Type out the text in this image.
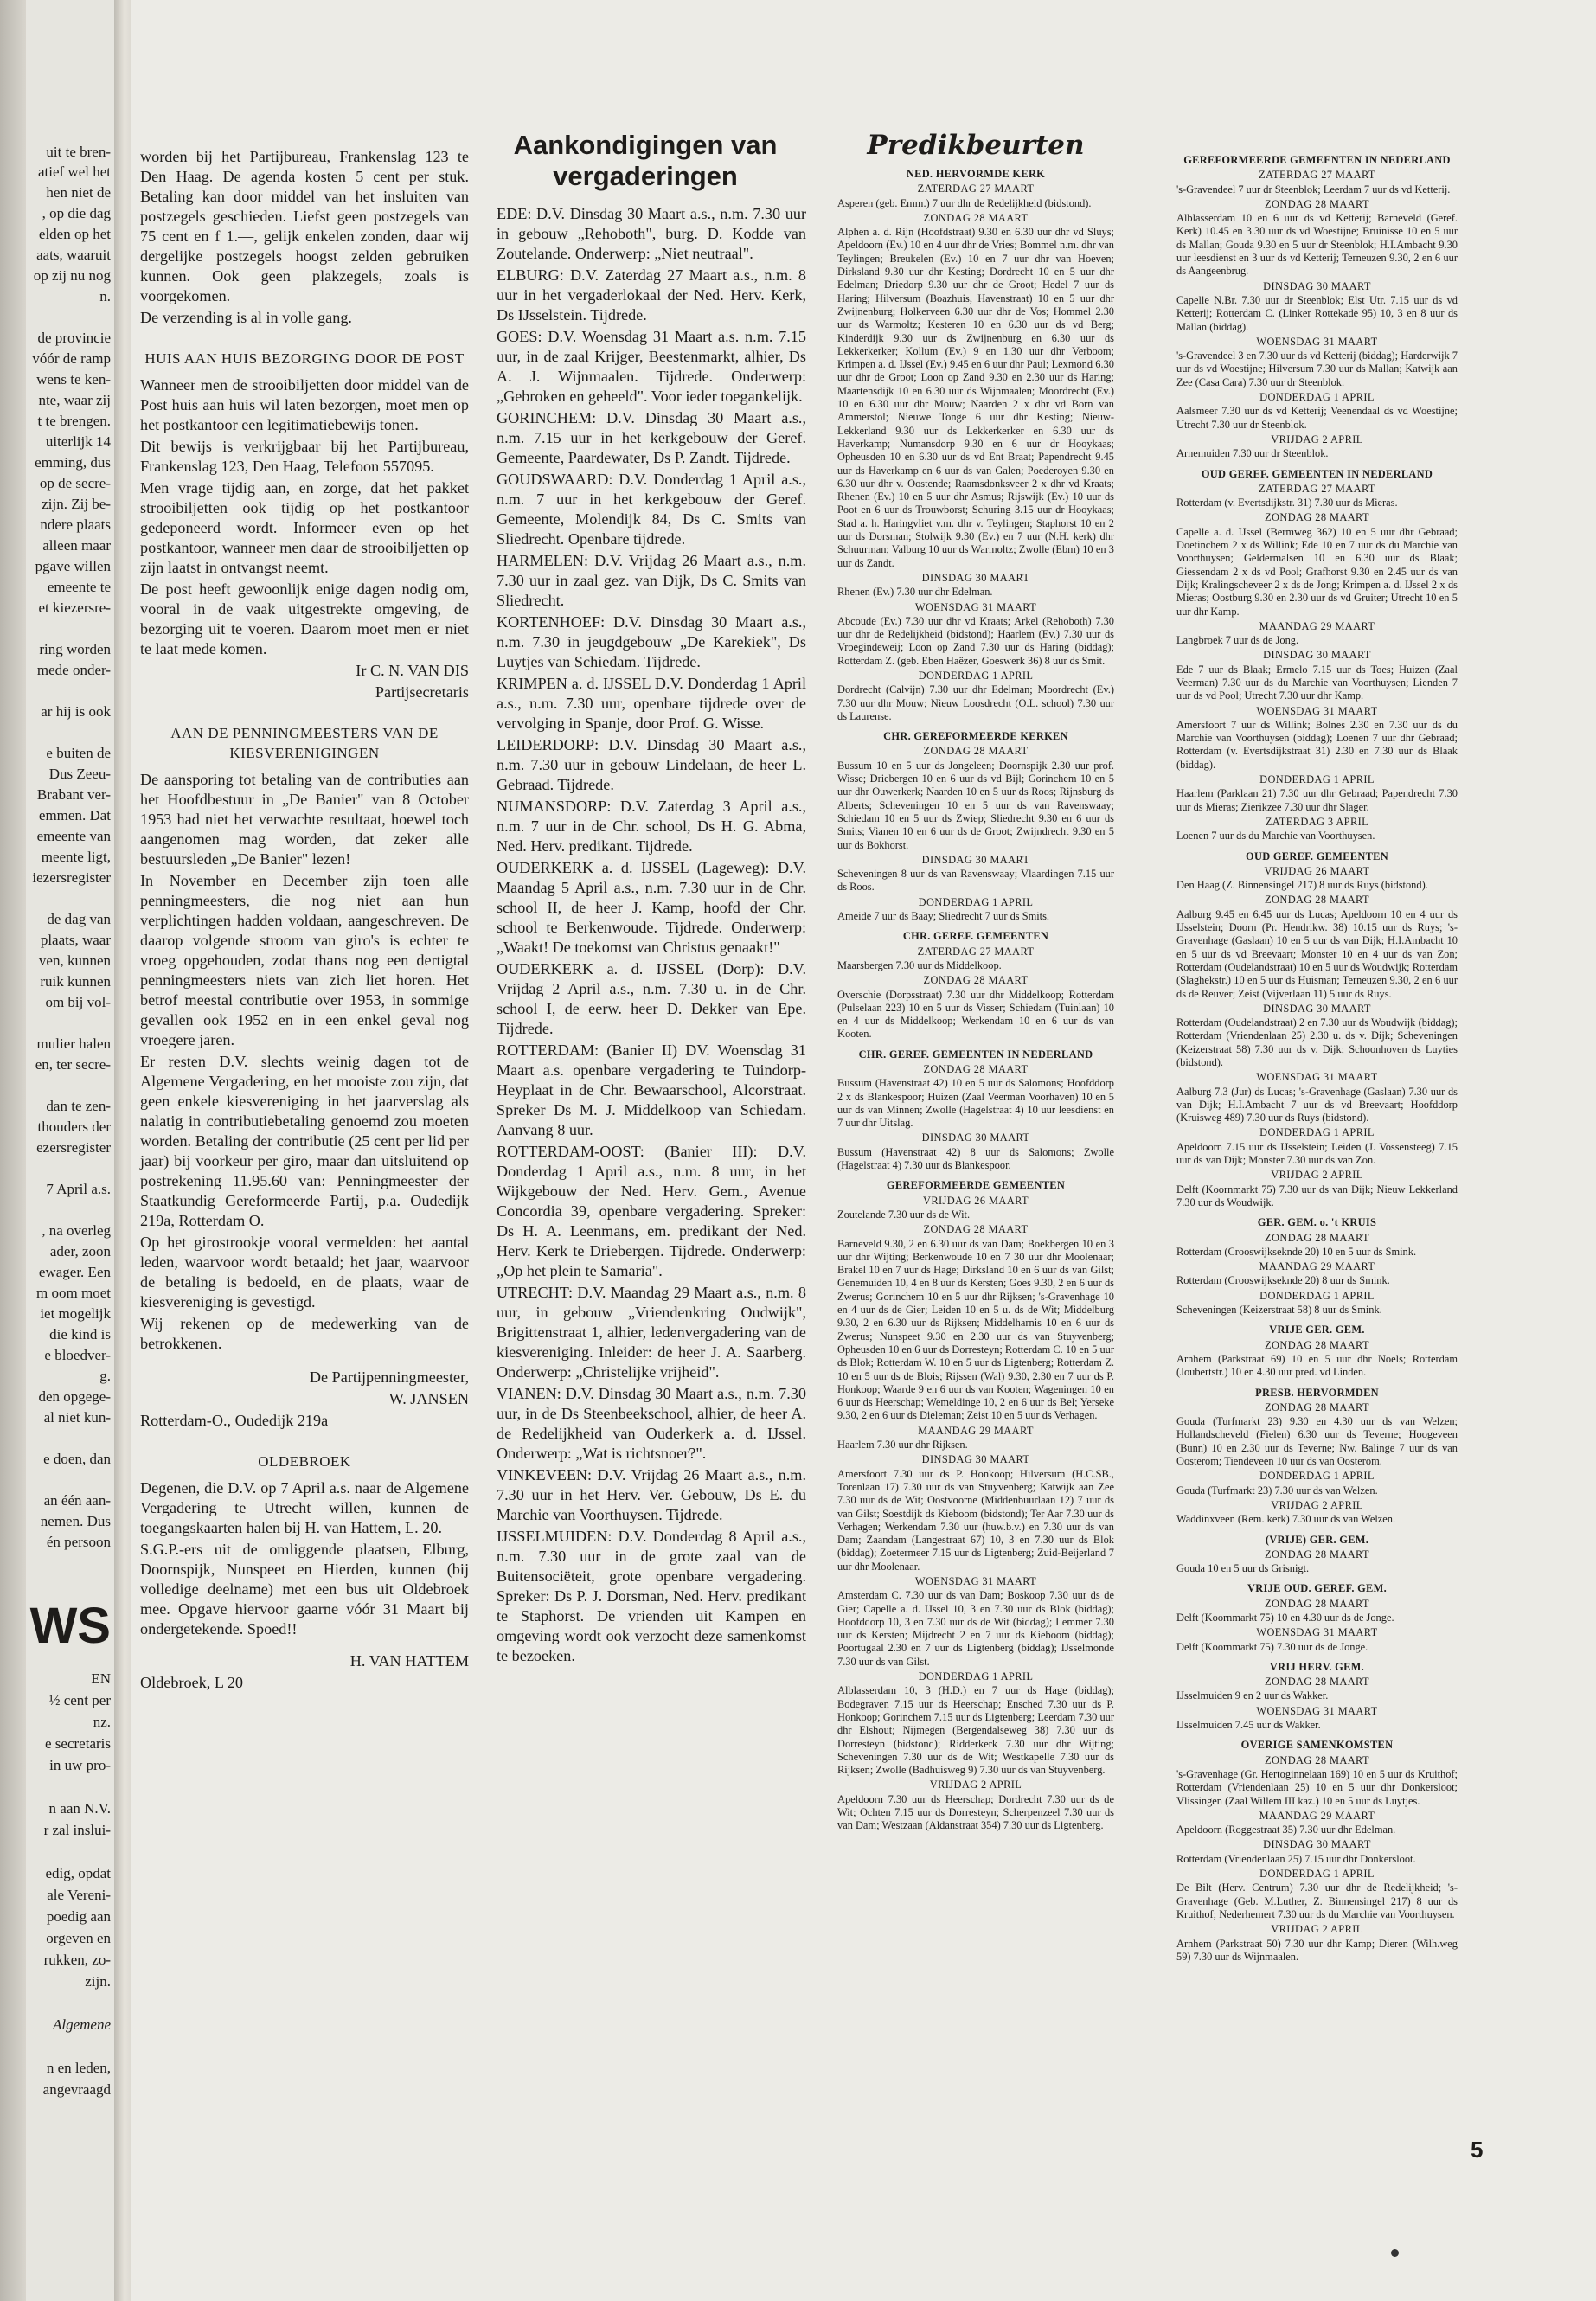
uit te bren-
atief wel het
hen niet de
, op die dag
elden op het
aats, waaruit
op zij nu nog
n.
de provincie
vóór de ramp
wens te ken-
nte, waar zij
t te brengen.
uiterlijk 14
emming, dus
op de secre-
zijn. Zij be-
ndere plaats
alleen maar
pgave willen
emeente te
et kiezersre-
ring worden
mede onder-
ar hij is ook
e buiten de
Dus Zeeu-
Brabant ver-
emmen. Dat
emeente van
meente ligt,
iezersregister
de dag van
plaats, waar
ven, kunnen
ruik kunnen
om bij vol-
mulier halen
en, ter secre-
dan te zen-
thouders der
ezersregister
7 April a.s.
, na overleg
ader, zoon
ewager. Een
m oom moet
iet mogelijk
die kind is
e bloedver-
g.
den opgege-
al niet kun-
e doen, dan
an één aan-
nemen. Dus
én persoon
WS
EN
½ cent per
nz.
e secretaris
in uw pro-
n aan N.V.
r zal inslui-
edig, opdat
ale Vereni-
poedig aan
orgeven en
rukken, zo-
zijn.
Algemene
n en leden,
angevraagd

worden bij het Partijbureau, Frankenslag 123 te Den Haag. De agenda kosten 5 cent per stuk. Betaling kan door middel van het insluiten van postzegels geschieden. Liefst geen postzegels van 75 cent en f 1.—, gelijk enkelen zonden, daar wij dergelijke postzegels hoogst zelden gebruiken kunnen. Ook geen plakzegels, zoals is voorgekomen.

De verzending is al in volle gang.

HUIS AAN HUIS BEZORGING DOOR DE POST

Wanneer men de strooibiljetten door middel van de Post huis aan huis wil laten bezorgen, moet men op het postkantoor een legitimatiebewijs tonen.

Dit bewijs is verkrijgbaar bij het Partijbureau, Frankenslag 123, Den Haag, Telefoon 557095.

Men vrage tijdig aan, en zorge, dat het pakket strooibiljetten ook tijdig op het postkantoor gedeponeerd wordt. Informeer even op het postkantoor, wanneer men daar de strooibiljetten op zijn laatst in ontvangst neemt.

De post heeft gewoonlijk enige dagen nodig om, vooral in de vaak uitgestrekte omgeving, de bezorging uit te voeren. Daarom moet men er niet te laat mede komen.

Ir C. N. VAN DIS

Partijsecretaris

AAN DE PENNINGMEESTERS VAN DE KIESVERENIGINGEN

De aansporing tot betaling van de contributies aan het Hoofdbestuur in „De Banier" van 8 October 1953 had niet het verwachte resultaat, hoewel toch aangenomen mag worden, dat zeker alle bestuursleden „De Banier" lezen!

In November en December zijn toen alle penningmeesters, die nog niet aan hun verplichtingen hadden voldaan, aangeschreven. De daarop volgende stroom van giro's is echter te vroeg opgehouden, zodat thans nog een dertigtal penningmeesters niets van zich liet horen. Het betrof meestal contributie over 1953, in sommige gevallen ook 1952 en in een enkel geval nog vroegere jaren.

Er resten D.V. slechts weinig dagen tot de Algemene Vergadering, en het mooiste zou zijn, dat geen enkele kiesvereniging in het jaarverslag als nalatig in contributiebetaling genoemd zou moeten worden. Betaling der contributie (25 cent per lid per jaar) bij voorkeur per giro, maar dan uitsluitend op postrekening 11.95.60 van: Penningmeester der Staatkundig Gereformeerde Partij, p.a. Oudedijk 219a, Rotterdam O.

Op het girostrookje vooral vermelden: het aantal leden, waarvoor wordt betaald; het jaar, waarvoor de betaling is bedoeld, en de plaats, waar de kiesvereniging is gevestigd.

Wij rekenen op de medewerking van de betrokkenen.

De Partijpenningmeester,

W. JANSEN

Rotterdam-O., Oudedijk 219a

OLDEBROEK

Degenen, die D.V. op 7 April a.s. naar de Algemene Vergadering te Utrecht willen, kunnen de toegangskaarten halen bij H. van Hattem, L. 20.

S.G.P.-ers uit de omliggende plaatsen, Elburg, Doornspijk, Nunspeet en Hierden, kunnen (bij volledige deelname) met een bus uit Oldebroek mee. Opgave hiervoor gaarne vóór 31 Maart bij ondergetekende. Spoed!!

H. VAN HATTEM

Oldebroek, L 20

Aankondigingen van vergaderingen

EDE: D.V. Dinsdag 30 Maart a.s., n.m. 7.30 uur in gebouw „Rehoboth", burg. D. Kodde van Zoutelande. Onderwerp: „Niet neutraal".

ELBURG: D.V. Zaterdag 27 Maart a.s., n.m. 8 uur in het vergaderlokaal der Ned. Herv. Kerk, Ds IJsselstein. Tijdrede.

GOES: D.V. Woensdag 31 Maart a.s. n.m. 7.15 uur, in de zaal Krijger, Beestenmarkt, alhier, Ds A. J. Wijnmaalen. Tijdrede. Onderwerp: „Gebroken en geheeld". Voor ieder toegankelijk.

GORINCHEM: D.V. Dinsdag 30 Maart a.s., n.m. 7.15 uur in het kerkgebouw der Geref. Gemeente, Paardewater, Ds P. Zandt. Tijdrede.

GOUDSWAARD: D.V. Donderdag 1 April a.s., n.m. 7 uur in het kerkgebouw der Geref. Gemeente, Molendijk 84, Ds C. Smits van Sliedrecht. Openbare tijdrede.

HARMELEN: D.V. Vrijdag 26 Maart a.s., n.m. 7.30 uur in zaal gez. van Dijk, Ds C. Smits van Sliedrecht.

KORTENHOEF: D.V. Dinsdag 30 Maart a.s., n.m. 7.30 in jeugdgebouw „De Karekiek", Ds Luytjes van Schiedam. Tijdrede.

KRIMPEN a. d. IJSSEL D.V. Donderdag 1 April a.s., n.m. 7.30 uur, openbare tijdrede over de vervolging in Spanje, door Prof. G. Wisse.

LEIDERDORP: D.V. Dinsdag 30 Maart a.s., n.m. 7.30 uur in gebouw Lindelaan, de heer L. Gebraad. Tijdrede.

NUMANSDORP: D.V. Zaterdag 3 April a.s., n.m. 7 uur in de Chr. school, Ds H. G. Abma, Ned. Herv. predikant. Tijdrede.

OUDERKERK a. d. IJSSEL (Lageweg): D.V. Maandag 5 April a.s., n.m. 7.30 uur in de Chr. school II, de heer J. Kamp, hoofd der Chr. school te Berkenwoude. Tijdrede. Onderwerp: „Waakt! De toekomst van Christus genaakt!"

OUDERKERK a. d. IJSSEL (Dorp): D.V. Vrijdag 2 April a.s., n.m. 7.30 u. in de Chr. school I, de eerw. heer D. Dekker van Epe. Tijdrede.

ROTTERDAM: (Banier II) DV. Woensdag 31 Maart a.s. openbare vergadering te Tuindorp-Heyplaat in de Chr. Bewaarschool, Alcorstraat. Spreker Ds M. J. Middelkoop van Schiedam. Aanvang 8 uur.

ROTTERDAM-OOST: (Banier III): D.V. Donderdag 1 April a.s., n.m. 8 uur, in het Wijkgebouw der Ned. Herv. Gem., Avenue Concordia 39, openbare vergadering. Spreker: Ds H. A. Leenmans, em. predikant der Ned. Herv. Kerk te Driebergen. Tijdrede. Onderwerp: „Op het plein te Samaria".

UTRECHT: D.V. Maandag 29 Maart a.s., n.m. 8 uur, in gebouw „Vriendenkring Oudwijk", Brigittenstraat 1, alhier, ledenvergadering van de kiesvereniging. Inleider: de heer J. A. Saarberg. Onderwerp: „Christelijke vrijheid".

VIANEN: D.V. Dinsdag 30 Maart a.s., n.m. 7.30 uur, in de Ds Steenbeekschool, alhier, de heer A. de Redelijkheid van Ouderkerk a. d. IJssel. Onderwerp: „Wat is richtsnoer?".

VINKEVEEN: D.V. Vrijdag 26 Maart a.s., n.m. 7.30 uur in het Herv. Ver. Gebouw, Ds E. du Marchie van Voorthuysen. Tijdrede.

IJSSELMUIDEN: D.V. Donderdag 8 April a.s., n.m. 7.30 uur in de grote zaal van de Buitensociëteit, grote openbare vergadering. Spreker: Ds P. J. Dorsman, Ned. Herv. predikant te Staphorst. De vrienden uit Kampen en omgeving wordt ook verzocht deze samenkomst te bezoeken.

Predikbeurten
NED. HERVORMDE KERK
ZATERDAG 27 MAART
Asperen (geb. Emm.) 7 uur dhr de Redelijkheid (bidstond).
ZONDAG 28 MAART
Alphen a. d. Rijn (Hoofdstraat) 9.30 en 6.30 uur dhr vd Sluys; Apeldoorn (Ev.) 10 en 4 uur dhr de Vries; Bommel n.m. dhr van Teylingen; Breukelen (Ev.) 10 en 7 uur dhr van Hoeven; Dirksland 9.30 uur dhr Kesting; Dordrecht 10 en 5 uur dhr Edelman; Driedorp 9.30 uur dhr de Groot; Hedel 7 uur ds Haring; Hilversum (Boazhuis, Havenstraat) 10 en 5 uur dhr Zwijnenburg; Holkerveen 6.30 uur dhr de Vos; Hommel 2.30 uur ds Warmoltz; Kesteren 10 en 6.30 uur ds vd Berg; Kinderdijk 9.30 uur ds Zwijnenburg en 6.30 uur ds Lekkerkerker; Kollum (Ev.) 9 en 1.30 uur dhr Verboom; Krimpen a. d. IJssel (Ev.) 9.45 en 6 uur dhr Paul; Lexmond 6.30 uur dhr de Groot; Loon op Zand 9.30 en 2.30 uur ds Haring; Maartensdijk 10 en 6.30 uur ds Wijnmaalen; Moordrecht (Ev.) 10 en 6.30 uur dhr Mouw; Naarden 2 x dhr vd Born van Ammerstol; Nieuwe Tonge 6 uur dhr Kesting; Nieuw-Lekkerland 9.30 uur ds Lekkerkerker en 6.30 uur ds Haverkamp; Numansdorp 9.30 en 6 uur dr Hooykaas; Opheusden 10 en 6.30 uur ds vd Ent Braat; Papendrecht 9.45 uur ds Haverkamp en 6 uur ds van Galen; Poederoyen 9.30 en 6.30 uur dhr v. Oostende; Raamsdonksveer 2 x dhr vd Kraats; Rhenen (Ev.) 10 en 5 uur dhr Asmus; Rijswijk (Ev.) 10 uur ds Poot en 6 uur ds Trouwborst; Schuring 3.15 uur dr Hooykaas; Stad a. h. Haringvliet v.m. dhr v. Teylingen; Staphorst 10 en 2 uur ds Dorsman; Stolwijk 9.30 (Ev.) en 7 uur (N.H. kerk) dhr Schuurman; Valburg 10 uur ds Warmoltz; Zwolle (Ebm) 10 en 3 uur ds Zandt.
DINSDAG 30 MAART
Rhenen (Ev.) 7.30 uur dhr Edelman.
WOENSDAG 31 MAART
Abcoude (Ev.) 7.30 uur dhr vd Kraats; Arkel (Rehoboth) 7.30 uur dhr de Redelijkheid (bidstond); Haarlem (Ev.) 7.30 uur ds Vroegindeweij; Loon op Zand 7.30 uur ds Haring (biddag); Rotterdam Z. (geb. Eben Haëzer, Goeswerk 36) 8 uur ds Smit.
DONDERDAG 1 APRIL
Dordrecht (Calvijn) 7.30 uur dhr Edelman; Moordrecht (Ev.) 7.30 uur dhr Mouw; Nieuw Loosdrecht (O.L. school) 7.30 uur ds Laurense.
CHR. GEREFORMEERDE KERKEN
ZONDAG 28 MAART
Bussum 10 en 5 uur ds Jongeleen; Doornspijk 2.30 uur prof. Wisse; Driebergen 10 en 6 uur ds vd Bijl; Gorinchem 10 en 5 uur dhr Ouwerkerk; Naarden 10 en 5 uur ds Roos; Rijnsburg ds Alberts; Scheveningen 10 en 5 uur ds van Ravenswaay; Schiedam 10 en 5 uur ds Zwiep; Sliedrecht 9.30 en 6 uur ds Smits; Vianen 10 en 6 uur ds de Groot; Zwijndrecht 9.30 en 5 uur ds Bokhorst.
DINSDAG 30 MAART
Scheveningen 8 uur ds van Ravenswaay; Vlaardingen 7.15 uur ds Roos.
DONDERDAG 1 APRIL
Ameide 7 uur ds Baay; Sliedrecht 7 uur ds Smits.
CHR. GEREF. GEMEENTEN
ZATERDAG 27 MAART
Maarsbergen 7.30 uur ds Middelkoop.
ZONDAG 28 MAART
Overschie (Dorpsstraat) 7.30 uur dhr Middelkoop; Rotterdam (Pulselaan 223) 10 en 5 uur ds Visser; Schiedam (Tuinlaan) 10 en 4 uur ds Middelkoop; Werkendam 10 en 6 uur ds van Kooten.
CHR. GEREF. GEMEENTEN IN NEDERLAND
ZONDAG 28 MAART
Bussum (Havenstraat 42) 10 en 5 uur ds Salomons; Hoofddorp 2 x ds Blankespoor; Huizen (Zaal Veerman Voorhaven) 10 en 5 uur ds van Minnen; Zwolle (Hagelstraat 4) 10 uur leesdienst en 7 uur dhr Uitslag.
DINSDAG 30 MAART
Bussum (Havenstraat 42) 8 uur ds Salomons; Zwolle (Hagelstraat 4) 7.30 uur ds Blankespoor.
GEREFORMEERDE GEMEENTEN
VRIJDAG 26 MAART
Zoutelande 7.30 uur ds de Wit.
ZONDAG 28 MAART
Barneveld 9.30, 2 en 6.30 uur ds van Dam; Boekbergen 10 en 3 uur dhr Wijting; Berkenwoude 10 en 7 30 uur dhr Moolenaar; Brakel 10 en 7 uur ds Hage; Dirksland 10 en 6 uur ds van Gilst; Genemuiden 10, 4 en 8 uur ds Kersten; Goes 9.30, 2 en 6 uur ds Zwerus; Gorinchem 10 en 5 uur dhr Rijksen; 's-Gravenhage 10 en 4 uur ds de Gier; Leiden 10 en 5 u. ds de Wit; Middelburg 9.30, 2 en 6.30 uur ds Rijksen; Middelharnis 10 en 6 uur ds Zwerus; Nunspeet 9.30 en 2.30 uur ds van Stuyvenberg; Opheusden 10 en 6 uur ds Dorresteyn; Rotterdam C. 10 en 5 uur ds Blok; Rotterdam W. 10 en 5 uur ds Ligtenberg; Rotterdam Z. 10 en 5 uur ds de Blois; Rijssen (Wal) 9.30, 2.30 en 7 uur ds P. Honkoop; Waarde 9 en 6 uur ds van Kooten; Wageningen 10 en 6 uur ds Heerschap; Wemeldinge 10, 2 en 6 uur ds Bel; Yerseke 9.30, 2 en 6 uur ds Dieleman; Zeist 10 en 5 uur ds Verhagen.
MAANDAG 29 MAART
Haarlem 7.30 uur dhr Rijksen.
DINSDAG 30 MAART
Amersfoort 7.30 uur ds P. Honkoop; Hilversum (H.C.SB., Torenlaan 17) 7.30 uur ds van Stuyvenberg; Katwijk aan Zee 7.30 uur ds de Wit; Oostvoorne (Middenbuurlaan 12) 7 uur ds van Gilst; Soestdijk ds Kieboom (bidstond); Ter Aar 7.30 uur ds Verhagen; Werkendam 7.30 uur (huw.b.v.) en 7.30 uur ds van Dam; Zaandam (Langestraat 67) 10, 3 en 7.30 uur ds Blok (biddag); Zoetermeer 7.15 uur ds Ligtenberg; Zuid-Beijerland 7 uur dhr Moolenaar.
WOENSDAG 31 MAART
Amsterdam C. 7.30 uur ds van Dam; Boskoop 7.30 uur ds de Gier; Capelle a. d. IJssel 10, 3 en 7.30 uur ds Blok (biddag); Hoofddorp 10, 3 en 7.30 uur ds de Wit (biddag); Lemmer 7.30 uur ds Kersten; Mijdrecht 2 en 7 uur ds Kieboom (biddag); Poortugaal 2.30 en 7 uur ds Ligtenberg (biddag); IJsselmonde 7.30 uur ds van Gilst.
DONDERDAG 1 APRIL
Alblasserdam 10, 3 (H.D.) en 7 uur ds Hage (biddag); Bodegraven 7.15 uur ds Heerschap; Ensched 7.30 uur ds P. Honkoop; Gorinchem 7.15 uur ds Ligtenberg; Leerdam 7.30 uur dhr Elshout; Nijmegen (Bergendalseweg 38) 7.30 uur ds Dorresteyn (bidstond); Ridderkerk 7.30 uur dhr Wijting; Scheveningen 7.30 uur ds de Wit; Westkapelle 7.30 uur ds Rijksen; Zwolle (Badhuisweg 9) 7.30 uur ds van Stuyvenberg.
VRIJDAG 2 APRIL
Apeldoorn 7.30 uur ds Heerschap; Dordrecht 7.30 uur ds de Wit; Ochten 7.15 uur ds Dorresteyn; Scherpenzeel 7.30 uur ds van Dam; Westzaan (Aldanstraat 354) 7.30 uur ds Ligtenberg.
GEREFORMEERDE GEMEENTEN IN NEDERLAND
ZATERDAG 27 MAART
's-Gravendeel 7 uur dr Steenblok; Leerdam 7 uur ds vd Ketterij.
ZONDAG 28 MAART
Alblasserdam 10 en 6 uur ds vd Ketterij; Barneveld (Geref. Kerk) 10.45 en 3.30 uur ds vd Woestijne; Bruinisse 10 en 5 uur ds Mallan; Gouda 9.30 en 5 uur dr Steenblok; H.I.Ambacht 9.30 uur leesdienst en 3 uur ds vd Ketterij; Terneuzen 9.30, 2 en 6 uur ds Aangeenbrug.
DINSDAG 30 MAART
Capelle N.Br. 7.30 uur dr Steenblok; Elst Utr. 7.15 uur ds vd Ketterij; Rotterdam C. (Linker Rottekade 95) 10, 3 en 8 uur ds Mallan (biddag).
WOENSDAG 31 MAART
's-Gravendeel 3 en 7.30 uur ds vd Ketterij (biddag); Harderwijk 7 uur ds vd Woestijne; Hilversum 7.30 uur ds Mallan; Katwijk aan Zee (Casa Cara) 7.30 uur dr Steenblok.
DONDERDAG 1 APRIL
Aalsmeer 7.30 uur ds vd Ketterij; Veenendaal ds vd Woestijne; Utrecht 7.30 uur dr Steenblok.
VRIJDAG 2 APRIL
Arnemuiden 7.30 uur dr Steenblok.
OUD GEREF. GEMEENTEN IN NEDERLAND
ZATERDAG 27 MAART
Rotterdam (v. Evertsdijkstr. 31) 7.30 uur ds Mieras.
ZONDAG 28 MAART
Capelle a. d. IJssel (Bermweg 362) 10 en 5 uur dhr Gebraad; Doetinchem 2 x ds Willink; Ede 10 en 7 uur ds du Marchie van Voorthuysen; Geldermalsen 10 en 6.30 uur ds Blaak; Giessendam 2 x ds vd Pool; Grafhorst 9.30 en 2.45 uur ds van Dijk; Kralingscheveer 2 x ds de Jong; Krimpen a. d. IJssel 2 x ds Mieras; Oostburg 9.30 en 2.30 uur ds vd Gruiter; Utrecht 10 en 5 uur dhr Kamp.
MAANDAG 29 MAART
Langbroek 7 uur ds de Jong.
DINSDAG 30 MAART
Ede 7 uur ds Blaak; Ermelo 7.15 uur ds Toes; Huizen (Zaal Veerman) 7.30 uur ds du Marchie van Voorthuysen; Lienden 7 uur ds vd Pool; Utrecht 7.30 uur dhr Kamp.
WOENSDAG 31 MAART
Amersfoort 7 uur ds Willink; Bolnes 2.30 en 7.30 uur ds du Marchie van Voorthuysen (biddag); Loenen 7 uur dhr Gebraad; Rotterdam (v. Evertsdijkstraat 31) 2.30 en 7.30 uur ds Blaak (biddag).
DONDERDAG 1 APRIL
Haarlem (Parklaan 21) 7.30 uur dhr Gebraad; Papendrecht 7.30 uur ds Mieras; Zierikzee 7.30 uur dhr Slager.
ZATERDAG 3 APRIL
Loenen 7 uur ds du Marchie van Voorthuysen.
OUD GEREF. GEMEENTEN
VRIJDAG 26 MAART
Den Haag (Z. Binnensingel 217) 8 uur ds Ruys (bidstond).
ZONDAG 28 MAART
Aalburg 9.45 en 6.45 uur ds Lucas; Apeldoorn 10 en 4 uur ds IJsselstein; Doorn (Pr. Hendrikw. 38) 10.15 uur ds Ruys; 's-Gravenhage (Gaslaan) 10 en 5 uur ds van Dijk; H.I.Ambacht 10 en 5 uur ds vd Breevaart; Monster 10 en 4 uur ds van Zon; Rotterdam (Oudelandstraat) 10 en 5 uur ds Woudwijk; Rotterdam (Slaghekstr.) 10 en 5 uur ds Huisman; Terneuzen 9.30, 2 en 6 uur ds de Reuver; Zeist (Vijverlaan 11) 5 uur ds Ruys.
DINSDAG 30 MAART
Rotterdam (Oudelandstraat) 2 en 7.30 uur ds Woudwijk (biddag); Rotterdam (Vriendenlaan 25) 2.30 u. ds v. Dijk; Scheveningen (Keizerstraat 58) 7.30 uur ds v. Dijk; Schoonhoven ds Luyties (bidstond).
WOENSDAG 31 MAART
Aalburg 7.3 (Jur) ds Lucas; 's-Gravenhage (Gaslaan) 7.30 uur ds van Dijk; H.I.Ambacht 7 uur ds vd Breevaart; Hoofddorp (Kruisweg 489) 7.30 uur ds Ruys (bidstond).
DONDERDAG 1 APRIL
Apeldoorn 7.15 uur ds IJsselstein; Leiden (J. Vossensteeg) 7.15 uur ds van Dijk; Monster 7.30 uur ds van Zon.
VRIJDAG 2 APRIL
Delft (Koornmarkt 75) 7.30 uur ds van Dijk; Nieuw Lekkerland 7.30 uur ds Woudwijk.
GER. GEM. o. 't KRUIS
ZONDAG 28 MAART
Rotterdam (Crooswijkseknde 20) 10 en 5 uur ds Smink.
MAANDAG 29 MAART
Rotterdam (Crooswijkseknde 20) 8 uur ds Smink.
DONDERDAG 1 APRIL
Scheveningen (Keizerstraat 58) 8 uur ds Smink.
VRIJE GER. GEM.
ZONDAG 28 MAART
Arnhem (Parkstraat 69) 10 en 5 uur dhr Noels; Rotterdam (Joubertstr.) 10 en 4.30 uur pred. vd Linden.
PRESB. HERVORMDEN
ZONDAG 28 MAART
Gouda (Turfmarkt 23) 9.30 en 4.30 uur ds van Welzen; Hollandscheveld (Fielen) 6.30 uur ds Teverne; Hoogeveen (Bunn) 10 en 2.30 uur ds Teverne; Nw. Balinge 7 uur ds van Oosterom; Tiendeveen 10 uur ds van Oosterom.
DONDERDAG 1 APRIL
Gouda (Turfmarkt 23) 7.30 uur ds van Welzen.
VRIJDAG 2 APRIL
Waddinxveen (Rem. kerk) 7.30 uur ds van Welzen.
(VRIJE) GER. GEM.
ZONDAG 28 MAART
Gouda 10 en 5 uur ds Grisnigt.
VRIJE OUD. GEREF. GEM.
ZONDAG 28 MAART
Delft (Koornmarkt 75) 10 en 4.30 uur ds de Jonge.
WOENSDAG 31 MAART
Delft (Koornmarkt 75) 7.30 uur ds de Jonge.
VRIJ HERV. GEM.
ZONDAG 28 MAART
IJsselmuiden 9 en 2 uur ds Wakker.
WOENSDAG 31 MAART
IJsselmuiden 7.45 uur ds Wakker.
OVERIGE SAMENKOMSTEN
ZONDAG 28 MAART
's-Gravenhage (Gr. Hertoginnelaan 169) 10 en 5 uur ds Kruithof; Rotterdam (Vriendenlaan 25) 10 en 5 uur dhr Donkersloot; Vlissingen (Zaal Willem III kaz.) 10 en 5 uur ds Luytjes.
MAANDAG 29 MAART
Apeldoorn (Roggestraat 35) 7.30 uur dhr Edelman.
DINSDAG 30 MAART
Rotterdam (Vriendenlaan 25) 7.15 uur dhr Donkersloot.
DONDERDAG 1 APRIL
De Bilt (Herv. Centrum) 7.30 uur dhr de Redelijkheid; 's-Gravenhage (Geb. M.Luther, Z. Binnensingel 217) 8 uur ds Kruithof; Nederhemert 7.30 uur ds du Marchie van Voorthuysen.
VRIJDAG 2 APRIL
Arnhem (Parkstraat 50) 7.30 uur dhr Kamp; Dieren (Wilh.weg 59) 7.30 uur ds Wijnmaalen.
5
